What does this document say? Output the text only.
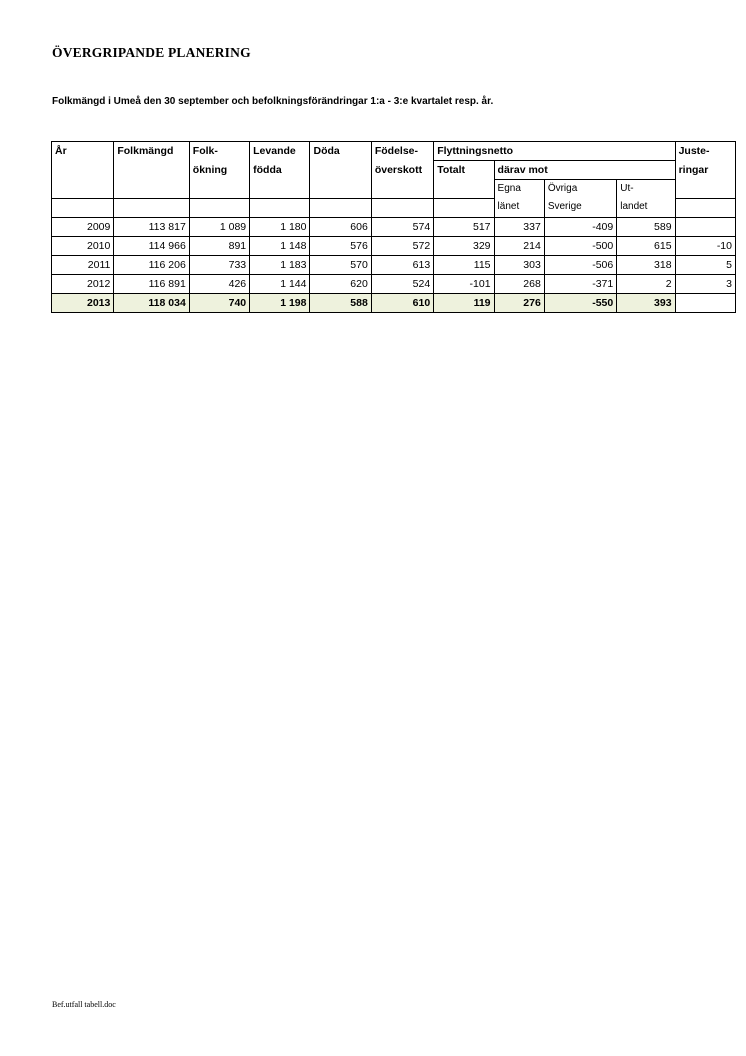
ÖVERGRIPANDE PLANERING

Folkmängd i Umeå den 30 september och befolkningsförändringar 1:a - 3:e kvartalet resp. år.

År	Folkmängd	Folk-	Levande	Döda	Födelse-	Flyttningsnetto				Juste-
		ökning	födda		överskott	Totalt	därav mot			ringar
							Egna	Övriga	Ut-	
							länet	Sverige	landet	
2009	113 817	1 089	1 180	606	574	517	337	-409	589	
2010	114 966	891	1 148	576	572	329	214	-500	615	-10
2011	116 206	733	1 183	570	613	115	303	-506	318	5
2012	116 891	426	1 144	620	524	-101	268	-371	2	3
2013	118 034	740	1 198	588	610	119	276	-550	393	

Bef.utfall tabell.doc
